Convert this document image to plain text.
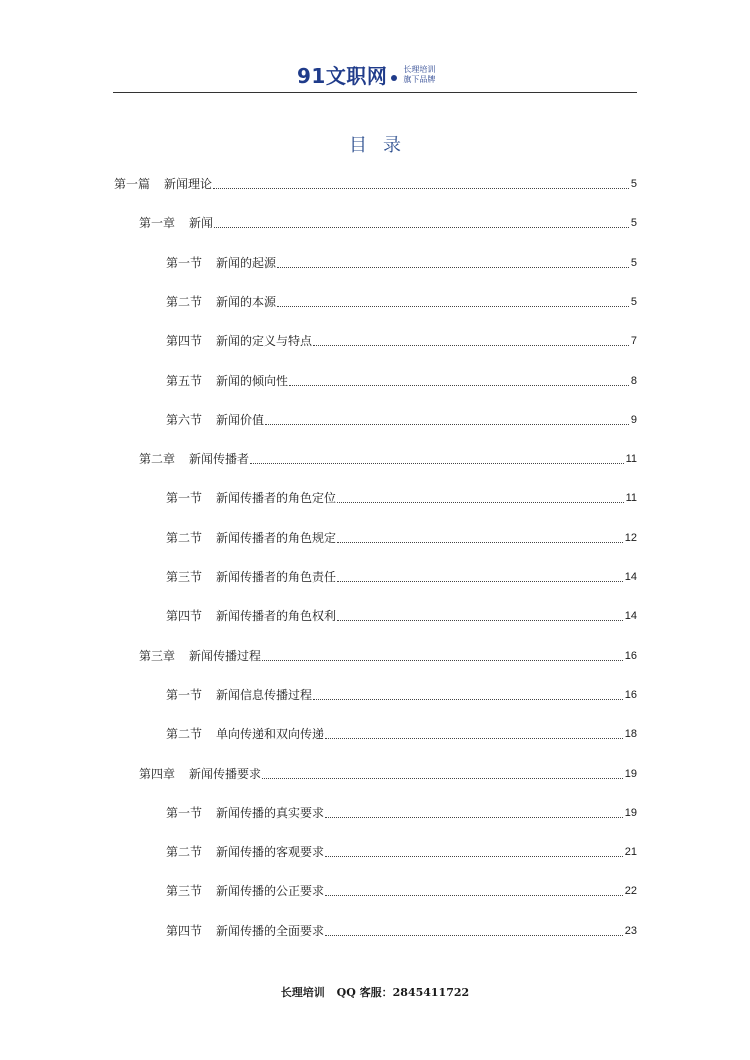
91文职网 长理培训
旗下品牌
目录
第一篇 新闻理论	5
第一章 新闻	5
第一节 新闻的起源	5
第二节 新闻的本源	5
第四节 新闻的定义与特点	7
第五节 新闻的倾向性	8
第六节 新闻价值	9
第二章 新闻传播者	11
第一节 新闻传播者的角色定位	11
第二节 新闻传播者的角色规定	12
第三节 新闻传播者的角色责任	14
第四节 新闻传播者的角色权利	14
第三章 新闻传播过程	16
第一节 新闻信息传播过程	16
第二节 单向传递和双向传递	18
第四章 新闻传播要求	19
第一节 新闻传播的真实要求	19
第二节 新闻传播的客观要求	21
第三节 新闻传播的公正要求	22
第四节 新闻传播的全面要求	23
长理培训 QQ 客服：2845411722
